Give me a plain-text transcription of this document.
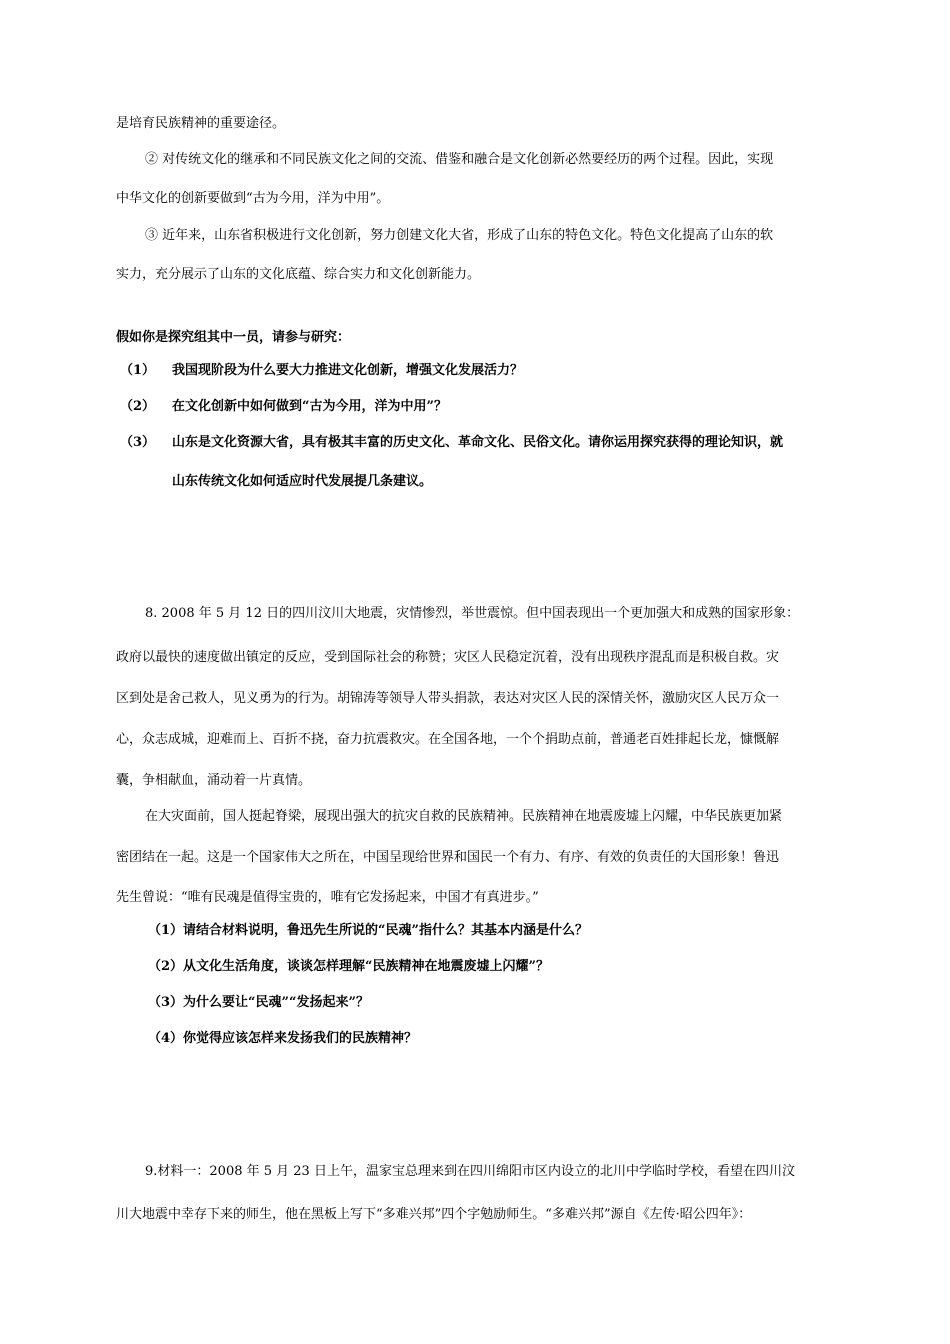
是培育民族精神的重要途径。
② 对传统文化的继承和不同民族文化之间的交流、借鉴和融合是文化创新必然要经历的两个过程。因此，实现
中华文化的创新要做到“古为今用，洋为中用”。
③ 近年来，山东省积极进行文化创新，努力创建文化大省，形成了山东的特色文化。特色文化提高了山东的软
实力，充分展示了山东的文化底蕴、综合实力和文化创新能力。
假如你是探究组其中一员，请参与研究：
（1） 我国现阶段为什么要大力推进文化创新，增强文化发展活力？
（2） 在文化创新中如何做到“古为今用，洋为中用”？
（3） 山东是文化资源大省，具有极其丰富的历史文化、革命文化、民俗文化。请你运用探究获得的理论知识，就
山东传统文化如何适应时代发展提几条建议。
8. 2008 年 5 月 12 日的四川汶川大地震，灾情惨烈，举世震惊。但中国表现出一个更加强大和成熟的国家形象：
政府以最快的速度做出镇定的反应，受到国际社会的称赞；灾区人民稳定沉着，没有出现秩序混乱而是积极自救。灾
区到处是舍己救人，见义勇为的行为。胡锦涛等领导人带头捐款，表达对灾区人民的深情关怀，激励灾区人民万众一
心，众志成城，迎难而上、百折不挠，奋力抗震救灾。在全国各地，一个个捐助点前，普通老百姓排起长龙，慷慨解
囊，争相献血，涌动着一片真情。
在大灾面前，国人挺起脊梁，展现出强大的抗灾自救的民族精神。民族精神在地震废墟上闪耀，中华民族更加紧
密团结在一起。这是一个国家伟大之所在，中国呈现给世界和国民一个有力、有序、有效的负责任的大国形象！鲁迅
先生曾说：“唯有民魂是值得宝贵的，唯有它发扬起来，中国才有真进步。”
（1）请结合材料说明，鲁迅先生所说的“民魂”指什么？其基本内涵是什么？
（2）从文化生活角度，谈谈怎样理解“民族精神在地震废墟上闪耀”？
（3）为什么要让“民魂”“发扬起来”？
（4）你觉得应该怎样来发扬我们的民族精神？
9.材料一：2008 年 5 月 23 日上午，温家宝总理来到在四川绵阳市区内设立的北川中学临时学校，看望在四川汶
川大地震中幸存下来的师生，他在黑板上写下“多难兴邦”四个字勉励师生。“多难兴邦”源自《左传·昭公四年》：
